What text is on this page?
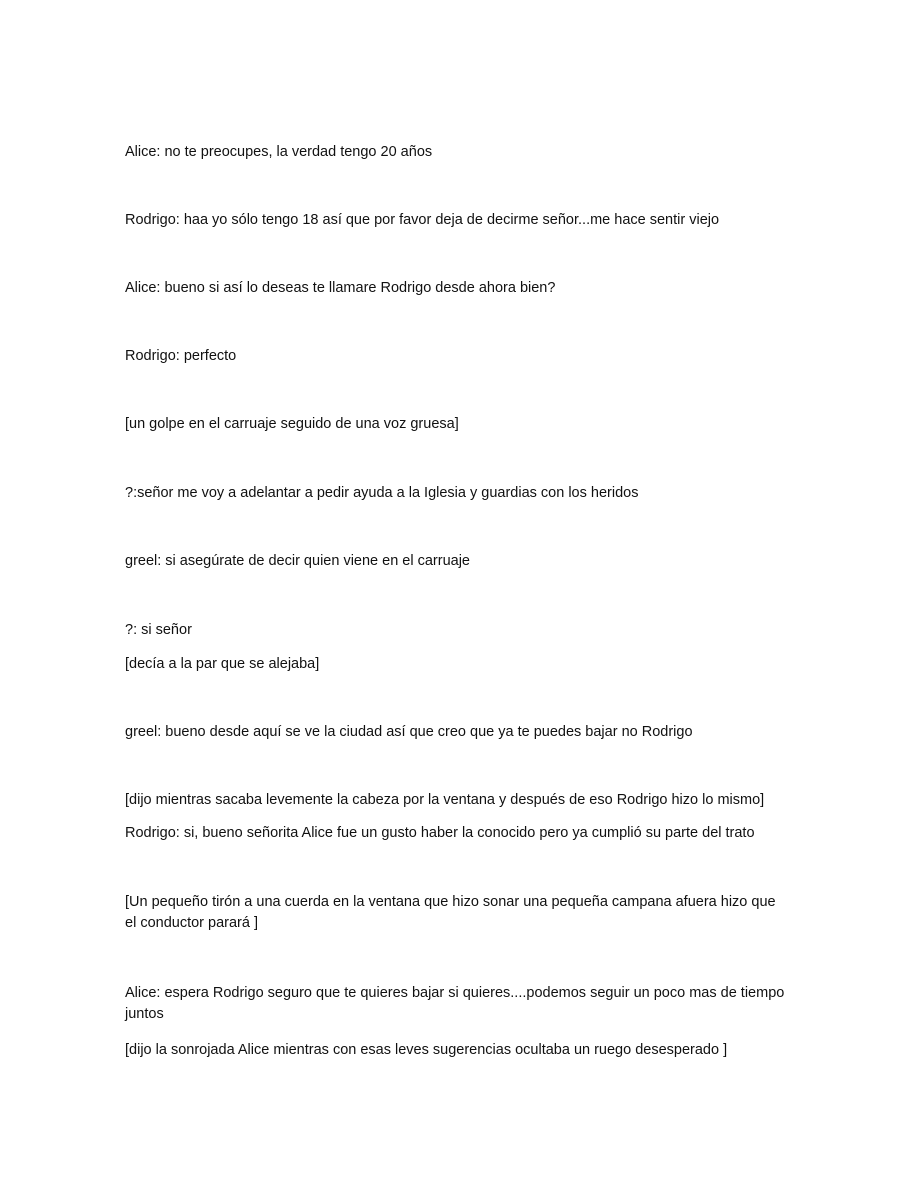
Alice: no te preocupes, la verdad tengo 20 años
Rodrigo: haa yo sólo tengo 18 así que por favor deja de decirme señor...me hace sentir viejo
Alice: bueno si así lo deseas te llamare Rodrigo desde ahora bien?
Rodrigo: perfecto
[un golpe en el carruaje seguido de una voz gruesa]
?:señor me voy a adelantar a pedir ayuda a la Iglesia y guardias con los heridos
greel: si asegúrate de decir quien viene en el carruaje
?: si señor
[decía a la par que se alejaba]
greel: bueno desde aquí se ve la ciudad así que creo que ya te puedes bajar no Rodrigo
[dijo mientras sacaba levemente la cabeza por la ventana y después de eso Rodrigo hizo lo mismo]
Rodrigo: si, bueno señorita Alice fue un gusto haber la conocido pero ya cumplió su parte del trato
[Un pequeño tirón a una cuerda en la ventana que hizo sonar una pequeña campana afuera hizo que el conductor parará ]
Alice: espera Rodrigo seguro que te quieres bajar si quieres....podemos seguir un poco mas de tiempo juntos
[dijo la sonrojada Alice mientras con esas leves sugerencias ocultaba un ruego desesperado ]
